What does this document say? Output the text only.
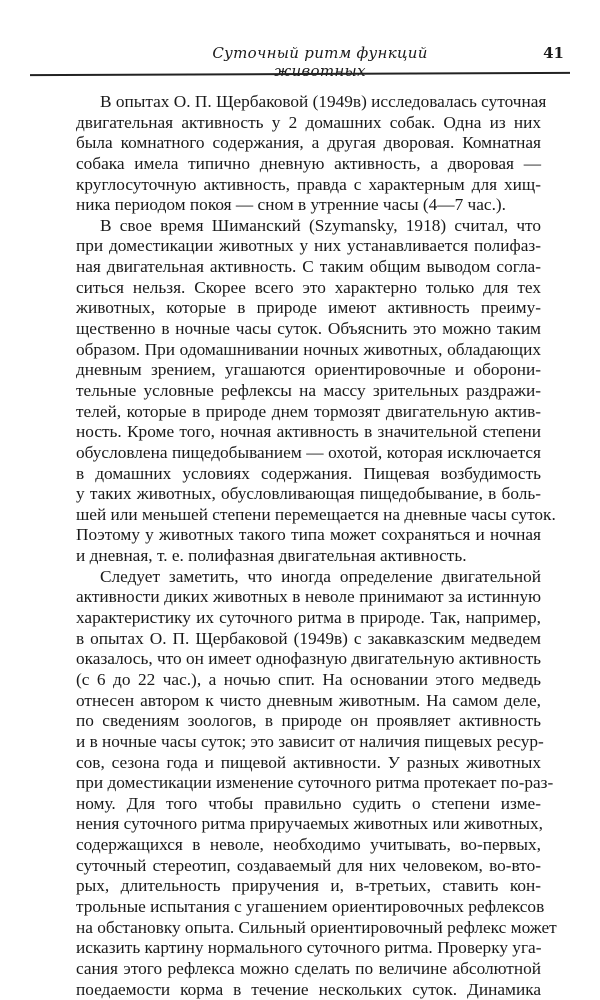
Суточный ритм функций животных
41
В опытах О. П. Щербаковой (1949в) исследовалась суточная
двигательная активность у 2 домашних собак. Одна из них
была комнатного содержания, а другая дворовая. Комнатная
собака имела типично дневную активность, а дворовая —
круглосуточную активность, правда с характерным для хищ-
ника периодом покоя — сном в утренние часы (4—7 час.).
В свое время Шиманский (Szymansky, 1918) считал, что
при доместикации животных у них устанавливается полифаз-
ная двигательная активность. С таким общим выводом согла-
ситься нельзя. Скорее всего это характерно только для тех
животных, которые в природе имеют активность преиму-
щественно в ночные часы суток. Объяснить это можно таким
образом. При одомашнивании ночных животных, обладающих
дневным зрением, угашаются ориентировочные и оборони-
тельные условные рефлексы на массу зрительных раздражи-
телей, которые в природе днем тормозят двигательную актив-
ность. Кроме того, ночная активность в значительной степени
обусловлена пищедобыванием — охотой, которая исключается
в домашних условиях содержания. Пищевая возбудимость
у таких животных, обусловливающая пищедобывание, в боль-
шей или меньшей степени перемещается на дневные часы суток.
Поэтому у животных такого типа может сохраняться и ночная
и дневная, т. е. полифазная двигательная активность.
Следует заметить, что иногда определение двигательной
активности диких животных в неволе принимают за истинную
характеристику их суточного ритма в природе. Так, например,
в опытах О. П. Щербаковой (1949в) с закавказским медведем
оказалось, что он имеет однофазную двигательную активность
(с 6 до 22 час.), а ночью спит. На основании этого медведь
отнесен автором к чисто дневным животным. На самом деле,
по сведениям зоологов, в природе он проявляет активность
и в ночные часы суток; это зависит от наличия пищевых ресур-
сов, сезона года и пищевой активности. У разных животных
при доместикации изменение суточного ритма протекает по-раз-
ному. Для того чтобы правильно судить о степени изме-
нения суточного ритма приручаемых животных или животных,
содержащихся в неволе, необходимо учитывать, во-первых,
суточный стереотип, создаваемый для них человеком, во-вто-
рых, длительность приручения и, в-третьих, ставить кон-
трольные испытания с угашением ориентировочных рефлексов
на обстановку опыта. Сильный ориентировочный рефлекс может
исказить картину нормального суточного ритма. Проверку уга-
сания этого рефлекса можно сделать по величине абсолютной
поедаемости корма в течение нескольких суток. Динамика
